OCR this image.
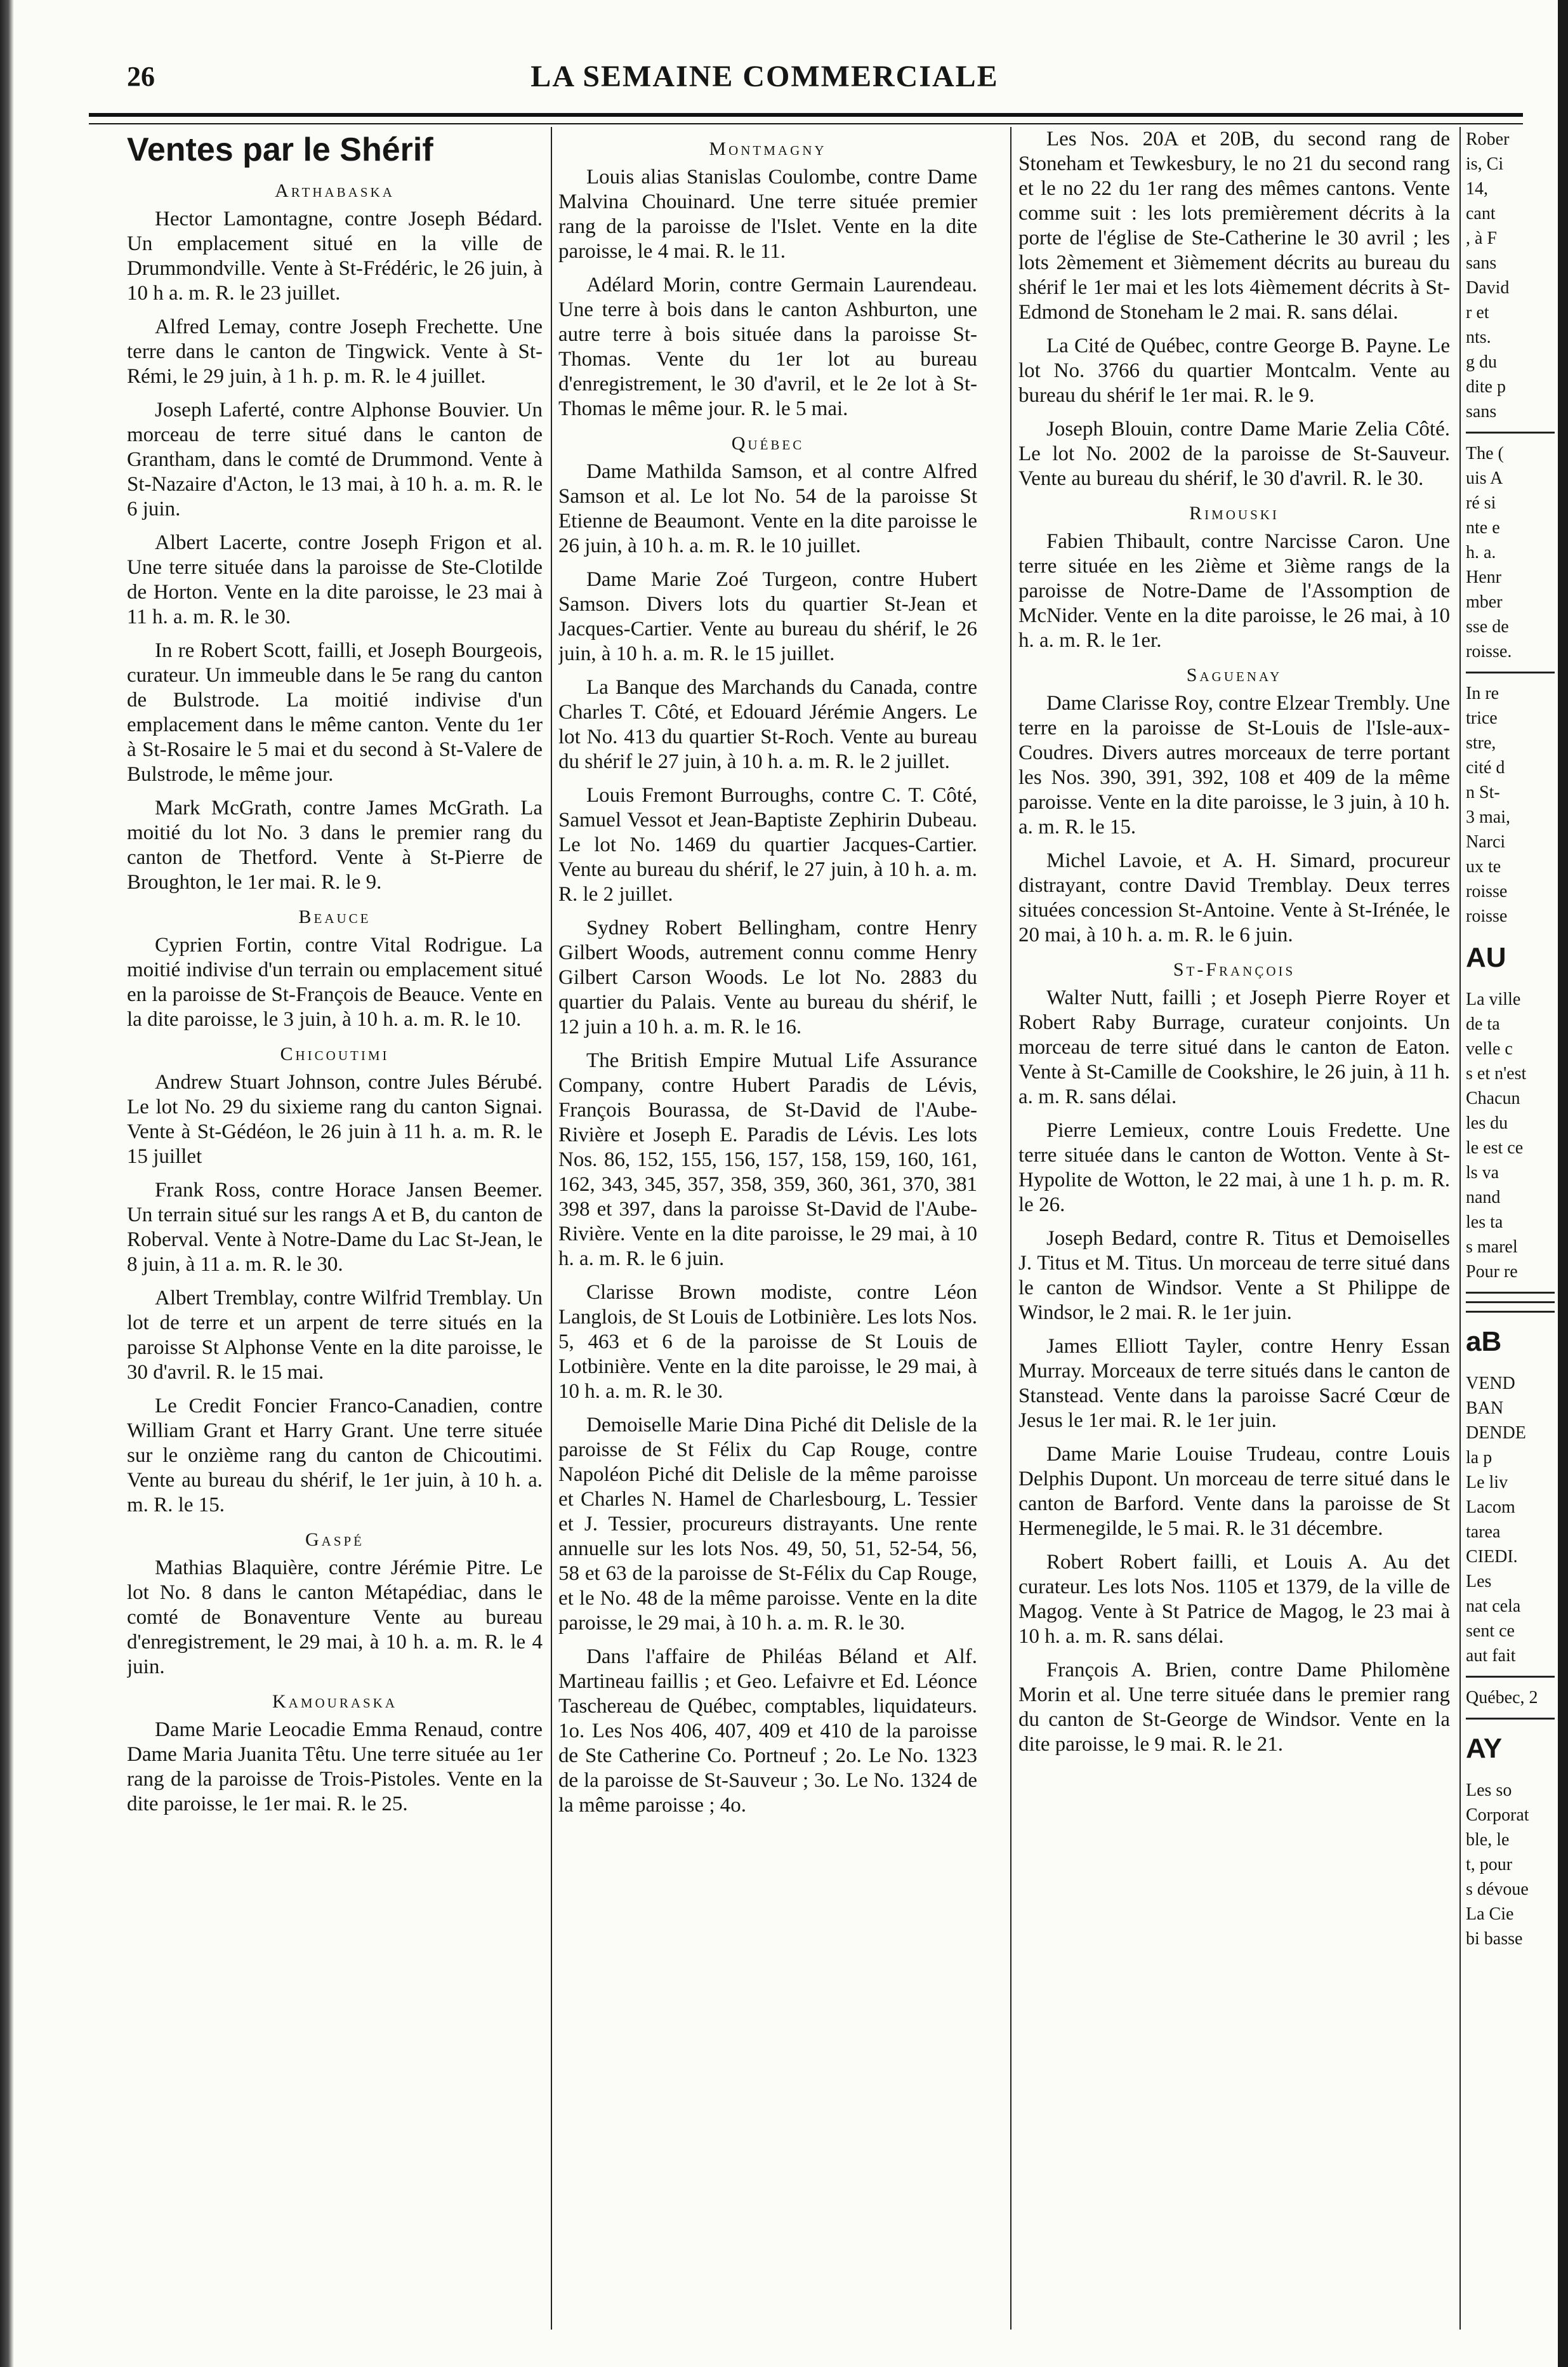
26	LA SEMAINE COMMERCIALE
Ventes par le Shérif
Arthabaska

Hector Lamontagne, contre Joseph Bédard. Un emplacement situé en la ville de Drummondville. Vente à St-Frédéric, le 26 juin, à 10 h a. m. R. le 23 juillet.

Alfred Lemay, contre Joseph Frechette. Une terre dans le canton de Tingwick. Vente à St-Rémi, le 29 juin, à 1 h. p. m. R. le 4 juillet.

Joseph Laferté, contre Alphonse Bouvier. Un morceau de terre situé dans le canton de Grantham, dans le comté de Drummond. Vente à St-Nazaire d'Acton, le 13 mai, à 10 h. a. m. R. le 6 juin.

Albert Lacerte, contre Joseph Frigon et al. Une terre située dans la paroisse de Ste-Clotilde de Horton. Vente en la dite paroisse, le 23 mai à 11 h. a. m. R. le 30.

In re Robert Scott, failli, et Joseph Bourgeois, curateur. Un immeuble dans le 5e rang du canton de Bulstrode. La moitié indivise d'un emplacement dans le même canton. Vente du 1er à St-Rosaire le 5 mai et du second à St-Valere de Bulstrode, le même jour.

Mark McGrath, contre James McGrath. La moitié du lot No. 3 dans le premier rang du canton de Thetford. Vente à St-Pierre de Broughton, le 1er mai. R. le 9.

Beauce

Cyprien Fortin, contre Vital Rodrigue. La moitié indivise d'un terrain ou emplacement situé en la paroisse de St-François de Beauce. Vente en la dite paroisse, le 3 juin, à 10 h. a. m. R. le 10.

Chicoutimi

Andrew Stuart Johnson, contre Jules Bérubé. Le lot No. 29 du sixieme rang du canton Signai. Vente à St-Gédéon, le 26 juin à 11 h. a. m. R. le 15 juillet

Frank Ross, contre Horace Jansen Beemer. Un terrain situé sur les rangs A et B, du canton de Roberval. Vente à Notre-Dame du Lac St-Jean, le 8 juin, à 11 a. m. R. le 30.

Albert Tremblay, contre Wilfrid Tremblay. Un lot de terre et un arpent de terre situés en la paroisse St Alphonse Vente en la dite paroisse, le 30 d'avril. R. le 15 mai.

Le Credit Foncier Franco-Canadien, contre William Grant et Harry Grant. Une terre située sur le onzième rang du canton de Chicoutimi. Vente au bureau du shérif, le 1er juin, à 10 h. a. m. R. le 15.

Gaspé

Mathias Blaquière, contre Jérémie Pitre. Le lot No. 8 dans le canton Métapédiac, dans le comté de Bonaventure Vente au bureau d'enregistrement, le 29 mai, à 10 h. a. m. R. le 4 juin.

Kamouraska

Dame Marie Leocadie Emma Renaud, contre Dame Maria Juanita Têtu. Une terre située au 1er rang de la paroisse de Trois-Pistoles. Vente en la dite paroisse, le 1er mai. R. le 25.

Montmagny

Louis alias Stanislas Coulombe, contre Dame Malvina Chouinard. Une terre située premier rang de la paroisse de l'Islet. Vente en la dite paroisse, le 4 mai. R. le 11.

Adélard Morin, contre Germain Laurendeau. Une terre à bois dans le canton Ashburton, une autre terre à bois située dans la paroisse St-Thomas. Vente du 1er lot au bureau d'enregistrement, le 30 d'avril, et le 2e lot à St-Thomas le même jour. R. le 5 mai.

Québec

Dame Mathilda Samson, et al contre Alfred Samson et al. Le lot No. 54 de la paroisse St Etienne de Beaumont. Vente en la dite paroisse le 26 juin, à 10 h. a. m. R. le 10 juillet.

Dame Marie Zoé Turgeon, contre Hubert Samson. Divers lots du quartier St-Jean et Jacques-Cartier. Vente au bureau du shérif, le 26 juin, à 10 h. a. m. R. le 15 juillet.

La Banque des Marchands du Canada, contre Charles T. Côté, et Edouard Jérémie Angers. Le lot No. 413 du quartier St-Roch. Vente au bureau du shérif le 27 juin, à 10 h. a. m. R. le 2 juillet.

Louis Fremont Burroughs, contre C. T. Côté, Samuel Vessot et Jean-Baptiste Zephirin Dubeau. Le lot No. 1469 du quartier Jacques-Cartier. Vente au bureau du shérif, le 27 juin, à 10 h. a. m. R. le 2 juillet.

Sydney Robert Bellingham, contre Henry Gilbert Woods, autrement connu comme Henry Gilbert Carson Woods. Le lot No. 2883 du quartier du Palais. Vente au bureau du shérif, le 12 juin a 10 h. a. m. R. le 16.

The British Empire Mutual Life Assurance Company, contre Hubert Paradis de Lévis, François Bourassa, de St-David de l'Aube-Rivière et Joseph E. Paradis de Lévis. Les lots Nos. 86, 152, 155, 156, 157, 158, 159, 160, 161, 162, 343, 345, 357, 358, 359, 360, 361, 370, 381 398 et 397, dans la paroisse St-David de l'Aube-Rivière. Vente en la dite paroisse, le 29 mai, à 10 h. a. m. R. le 6 juin.

Clarisse Brown modiste, contre Léon Langlois, de St Louis de Lotbinière. Les lots Nos. 5, 463 et 6 de la paroisse de St Louis de Lotbinière. Vente en la dite paroisse, le 29 mai, à 10 h. a. m. R. le 30.

Demoiselle Marie Dina Piché dit Delisle de la paroisse de St Félix du Cap Rouge, contre Napoléon Piché dit Delisle de la même paroisse et Charles N. Hamel de Charlesbourg, L. Tessier et J. Tessier, procureurs distrayants. Une rente annuelle sur les lots Nos. 49, 50, 51, 52-54, 56, 58 et 63 de la paroisse de St-Félix du Cap Rouge, et le No. 48 de la même paroisse. Vente en la dite paroisse, le 29 mai, à 10 h. a. m. R. le 30.

Dans l'affaire de Philéas Béland et Alf. Martineau faillis ; et Geo. Lefaivre et Ed. Léonce Taschereau de Québec, comptables, liquidateurs. 1o. Les Nos 406, 407, 409 et 410 de la paroisse de Ste Catherine Co. Portneuf ; 2o. Le No. 1323 de la paroisse de St-Sauveur ; 3o. Le No. 1324 de la même paroisse ; 4o.

Les Nos. 20A et 20B, du second rang de Stoneham et Tewkesbury, le no 21 du second rang et le no 22 du 1er rang des mêmes cantons. Vente comme suit : les lots premièrement décrits à la porte de l'église de Ste-Catherine le 30 avril ; les lots 2èmement et 3ièmement décrits au bureau du shérif le 1er mai et les lots 4ièmement décrits à St-Edmond de Stoneham le 2 mai. R. sans délai.

La Cité de Québec, contre George B. Payne. Le lot No. 3766 du quartier Montcalm. Vente au bureau du shérif le 1er mai. R. le 9.

Joseph Blouin, contre Dame Marie Zelia Côté. Le lot No. 2002 de la paroisse de St-Sauveur. Vente au bureau du shérif, le 30 d'avril. R. le 30.

Rimouski

Fabien Thibault, contre Narcisse Caron. Une terre située en les 2ième et 3ième rangs de la paroisse de Notre-Dame de l'Assomption de McNider. Vente en la dite paroisse, le 26 mai, à 10 h. a. m. R. le 1er.

Saguenay

Dame Clarisse Roy, contre Elzear Trembly. Une terre en la paroisse de St-Louis de l'Isle-aux-Coudres. Divers autres morceaux de terre portant les Nos. 390, 391, 392, 108 et 409 de la même paroisse. Vente en la dite paroisse, le 3 juin, à 10 h. a. m. R. le 15.

Michel Lavoie, et A. H. Simard, procureur distrayant, contre David Tremblay. Deux terres situées concession St-Antoine. Vente à St-Irénée, le 20 mai, à 10 h. a. m. R. le 6 juin.

St-François

Walter Nutt, failli ; et Joseph Pierre Royer et Robert Raby Burrage, curateur conjoints. Un morceau de terre situé dans le canton de Eaton. Vente à St-Camille de Cookshire, le 26 juin, à 11 h. a. m. R. sans délai.

Pierre Lemieux, contre Louis Fredette. Une terre située dans le canton de Wotton. Vente à St-Hypolite de Wotton, le 22 mai, à une 1 h. p. m. R. le 26.

Joseph Bedard, contre R. Titus et Demoiselles J. Titus et M. Titus. Un morceau de terre situé dans le canton de Windsor. Vente a St Philippe de Windsor, le 2 mai. R. le 1er juin.

James Elliott Tayler, contre Henry Essan Murray. Morceaux de terre situés dans le canton de Stanstead. Vente dans la paroisse Sacré Cœur de Jesus le 1er mai. R. le 1er juin.

Dame Marie Louise Trudeau, contre Louis Delphis Dupont. Un morceau de terre situé dans le canton de Barford. Vente dans la paroisse de St Hermenegilde, le 5 mai. R. le 31 décembre.

Robert Robert failli, et Louis A. Au det curateur. Les lots Nos. 1105 et 1379, de la ville de Magog. Vente à St Patrice de Magog, le 23 mai à 10 h. a. m. R. sans délai.

François A. Brien, contre Dame Philomène Morin et al. Une terre située dans le premier rang du canton de St-George de Windsor. Vente en la dite paroisse, le 9 mai. R. le 21.

Rober
is, Ci
14,
cant
, à F
sans
David
r et
nts.
g du
dite p
sans
The (
uis A
ré si
nte e
h. a.
Henr
mber
sse de
roisse.
In re
trice
stre,
cité d
n St-
3 mai,
Narci
ux te
roisse
roisse
AU
La ville
de ta
velle c
s et n'est
Chacun
les du
le est ce
ls va
nand
les ta
s marel
Pour re
aB
VEND
BAN
DENDE
la p
Le liv
Lacom
tarea
CIEDI.
Les
nat cela
sent ce
aut fait
Québec, 2
AY
Les so
Corporat
ble, le
t, pour
s dévoue
La Cie
bi basse
